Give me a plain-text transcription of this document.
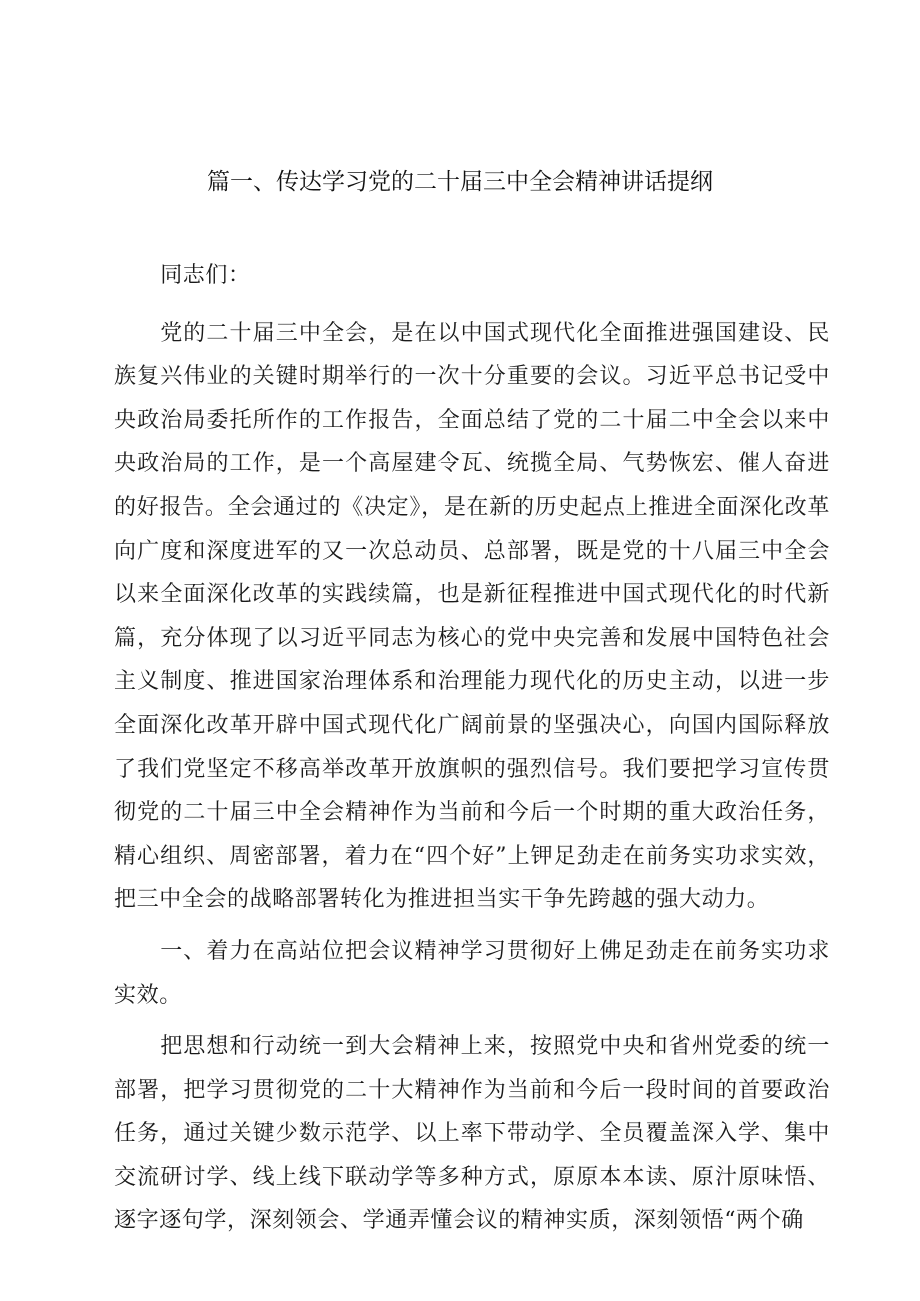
篇一、传达学习党的二十届三中全会精神讲话提纲

同志们：

党的二十届三中全会，是在以中国式现代化全面推进强国建设、民族复兴伟业的关键时期举行的一次十分重要的会议。习近平总书记受中央政治局委托所作的工作报告，全面总结了党的二十届二中全会以来中央政治局的工作，是一个高屋建令瓦、统揽全局、气势恢宏、催人奋进的好报告。全会通过的《决定》，是在新的历史起点上推进全面深化改革向广度和深度进军的又一次总动员、总部署，既是党的十八届三中全会以来全面深化改革的实践续篇，也是新征程推进中国式现代化的时代新篇，充分体现了以习近平同志为核心的党中央完善和发展中国特色社会主义制度、推进国家治理体系和治理能力现代化的历史主动，以进一步全面深化改革开辟中国式现代化广阔前景的坚强决心，向国内国际释放了我们党坚定不移高举改革开放旗帜的强烈信号。我们要把学习宣传贯彻党的二十届三中全会精神作为当前和今后一个时期的重大政治任务，精心组织、周密部署，着力在“四个好”上钾足劲走在前务实功求实效，把三中全会的战略部署转化为推进担当实干争先跨越的强大动力。

一、着力在高站位把会议精神学习贯彻好上佛足劲走在前务实功求实效。

把思想和行动统一到大会精神上来，按照党中央和省州党委的统一部署，把学习贯彻党的二十大精神作为当前和今后一段时间的首要政治任务，通过关键少数示范学、以上率下带动学、全员覆盖深入学、集中交流研讨学、线上线下联动学等多种方式，原原本本读、原汁原味悟、逐字逐句学，深刻领会、学通弄懂会议的精神实质，深刻领悟“两个确
